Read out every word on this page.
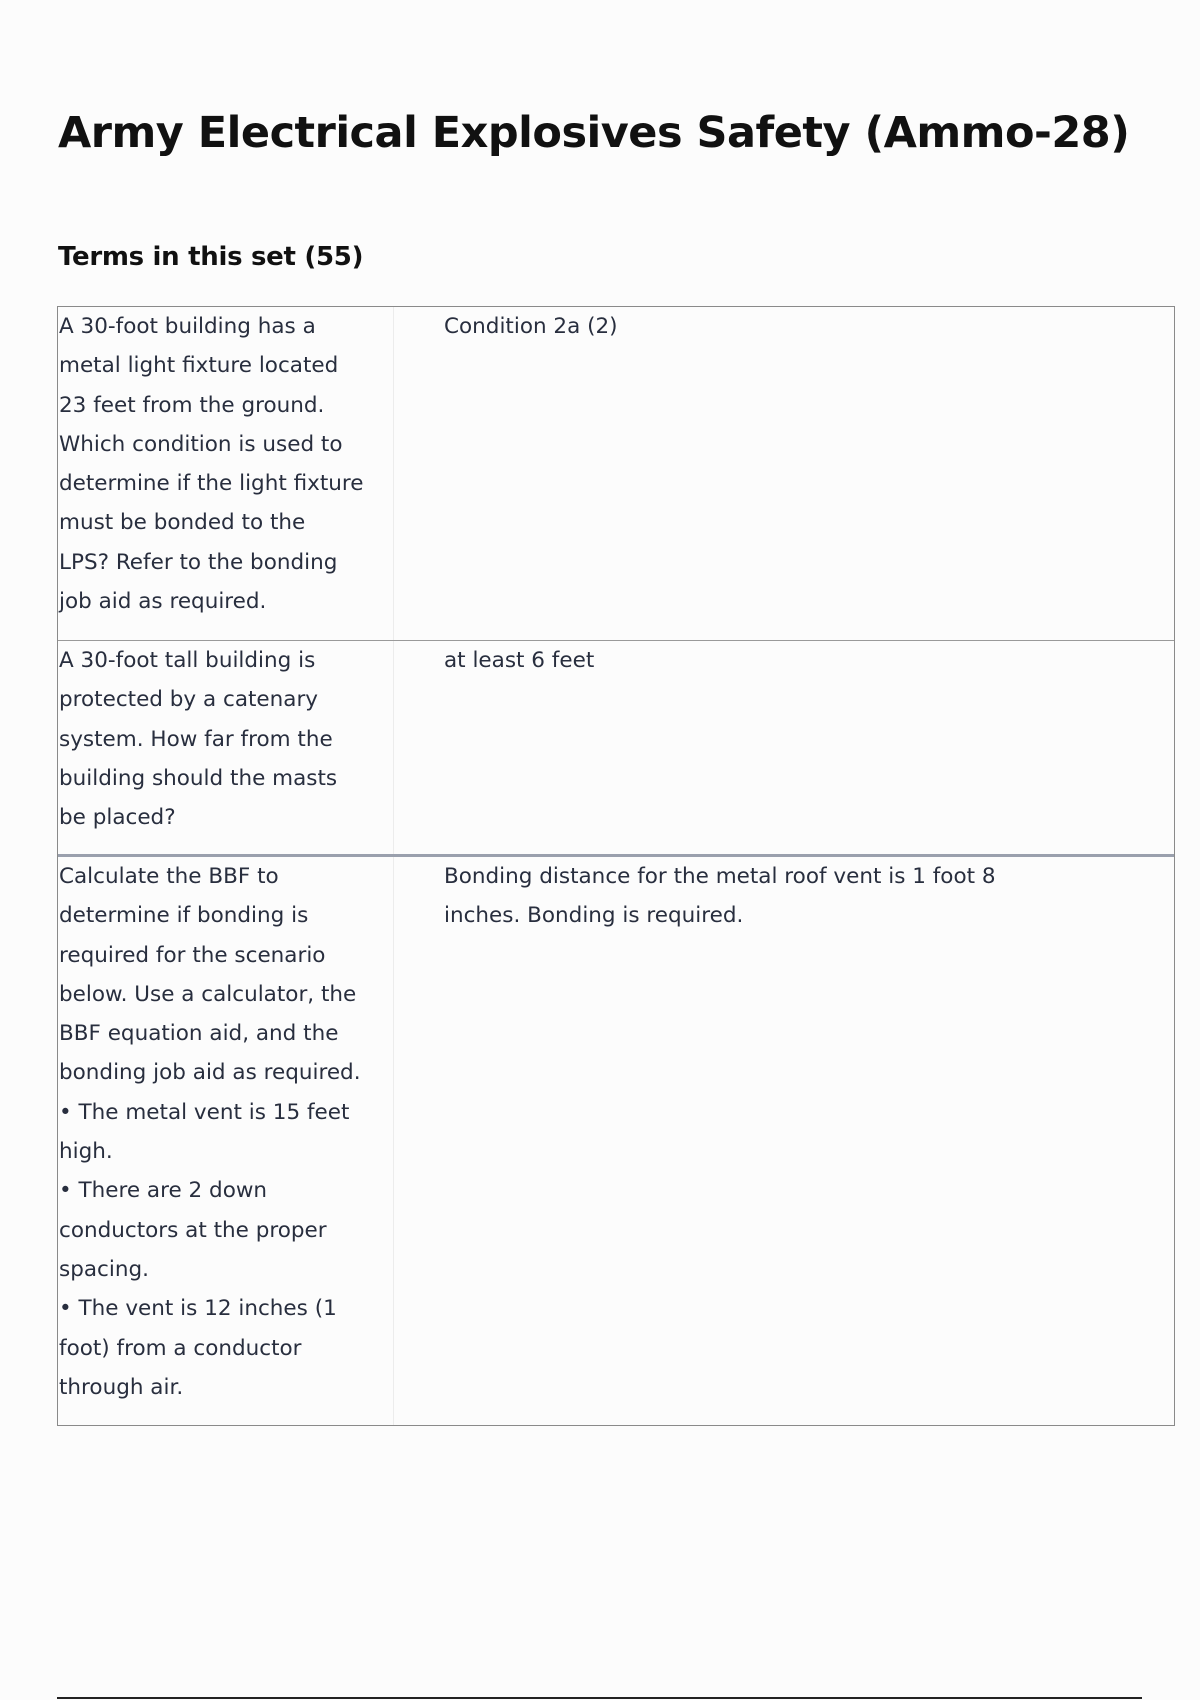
Army Electrical Explosives Safety (Ammo-28)
Terms in this set (55)
A 30-foot building has a
metal light fixture located
23 feet from the ground.
Which condition is used to
determine if the light fixture
must be bonded to the
LPS? Refer to the bonding
job aid as required.
Condition 2a (2)
A 30-foot tall building is
protected by a catenary
system. How far from the
building should the masts
be placed?
at least 6 feet
Calculate the BBF to
determine if bonding is
required for the scenario
below. Use a calculator, the
BBF equation aid, and the
bonding job aid as required.
• The metal vent is 15 feet
high.
• There are 2 down
conductors at the proper
spacing.
• The vent is 12 inches (1
foot) from a conductor
through air.
Bonding distance for the metal roof vent is 1 foot 8
inches. Bonding is required.
